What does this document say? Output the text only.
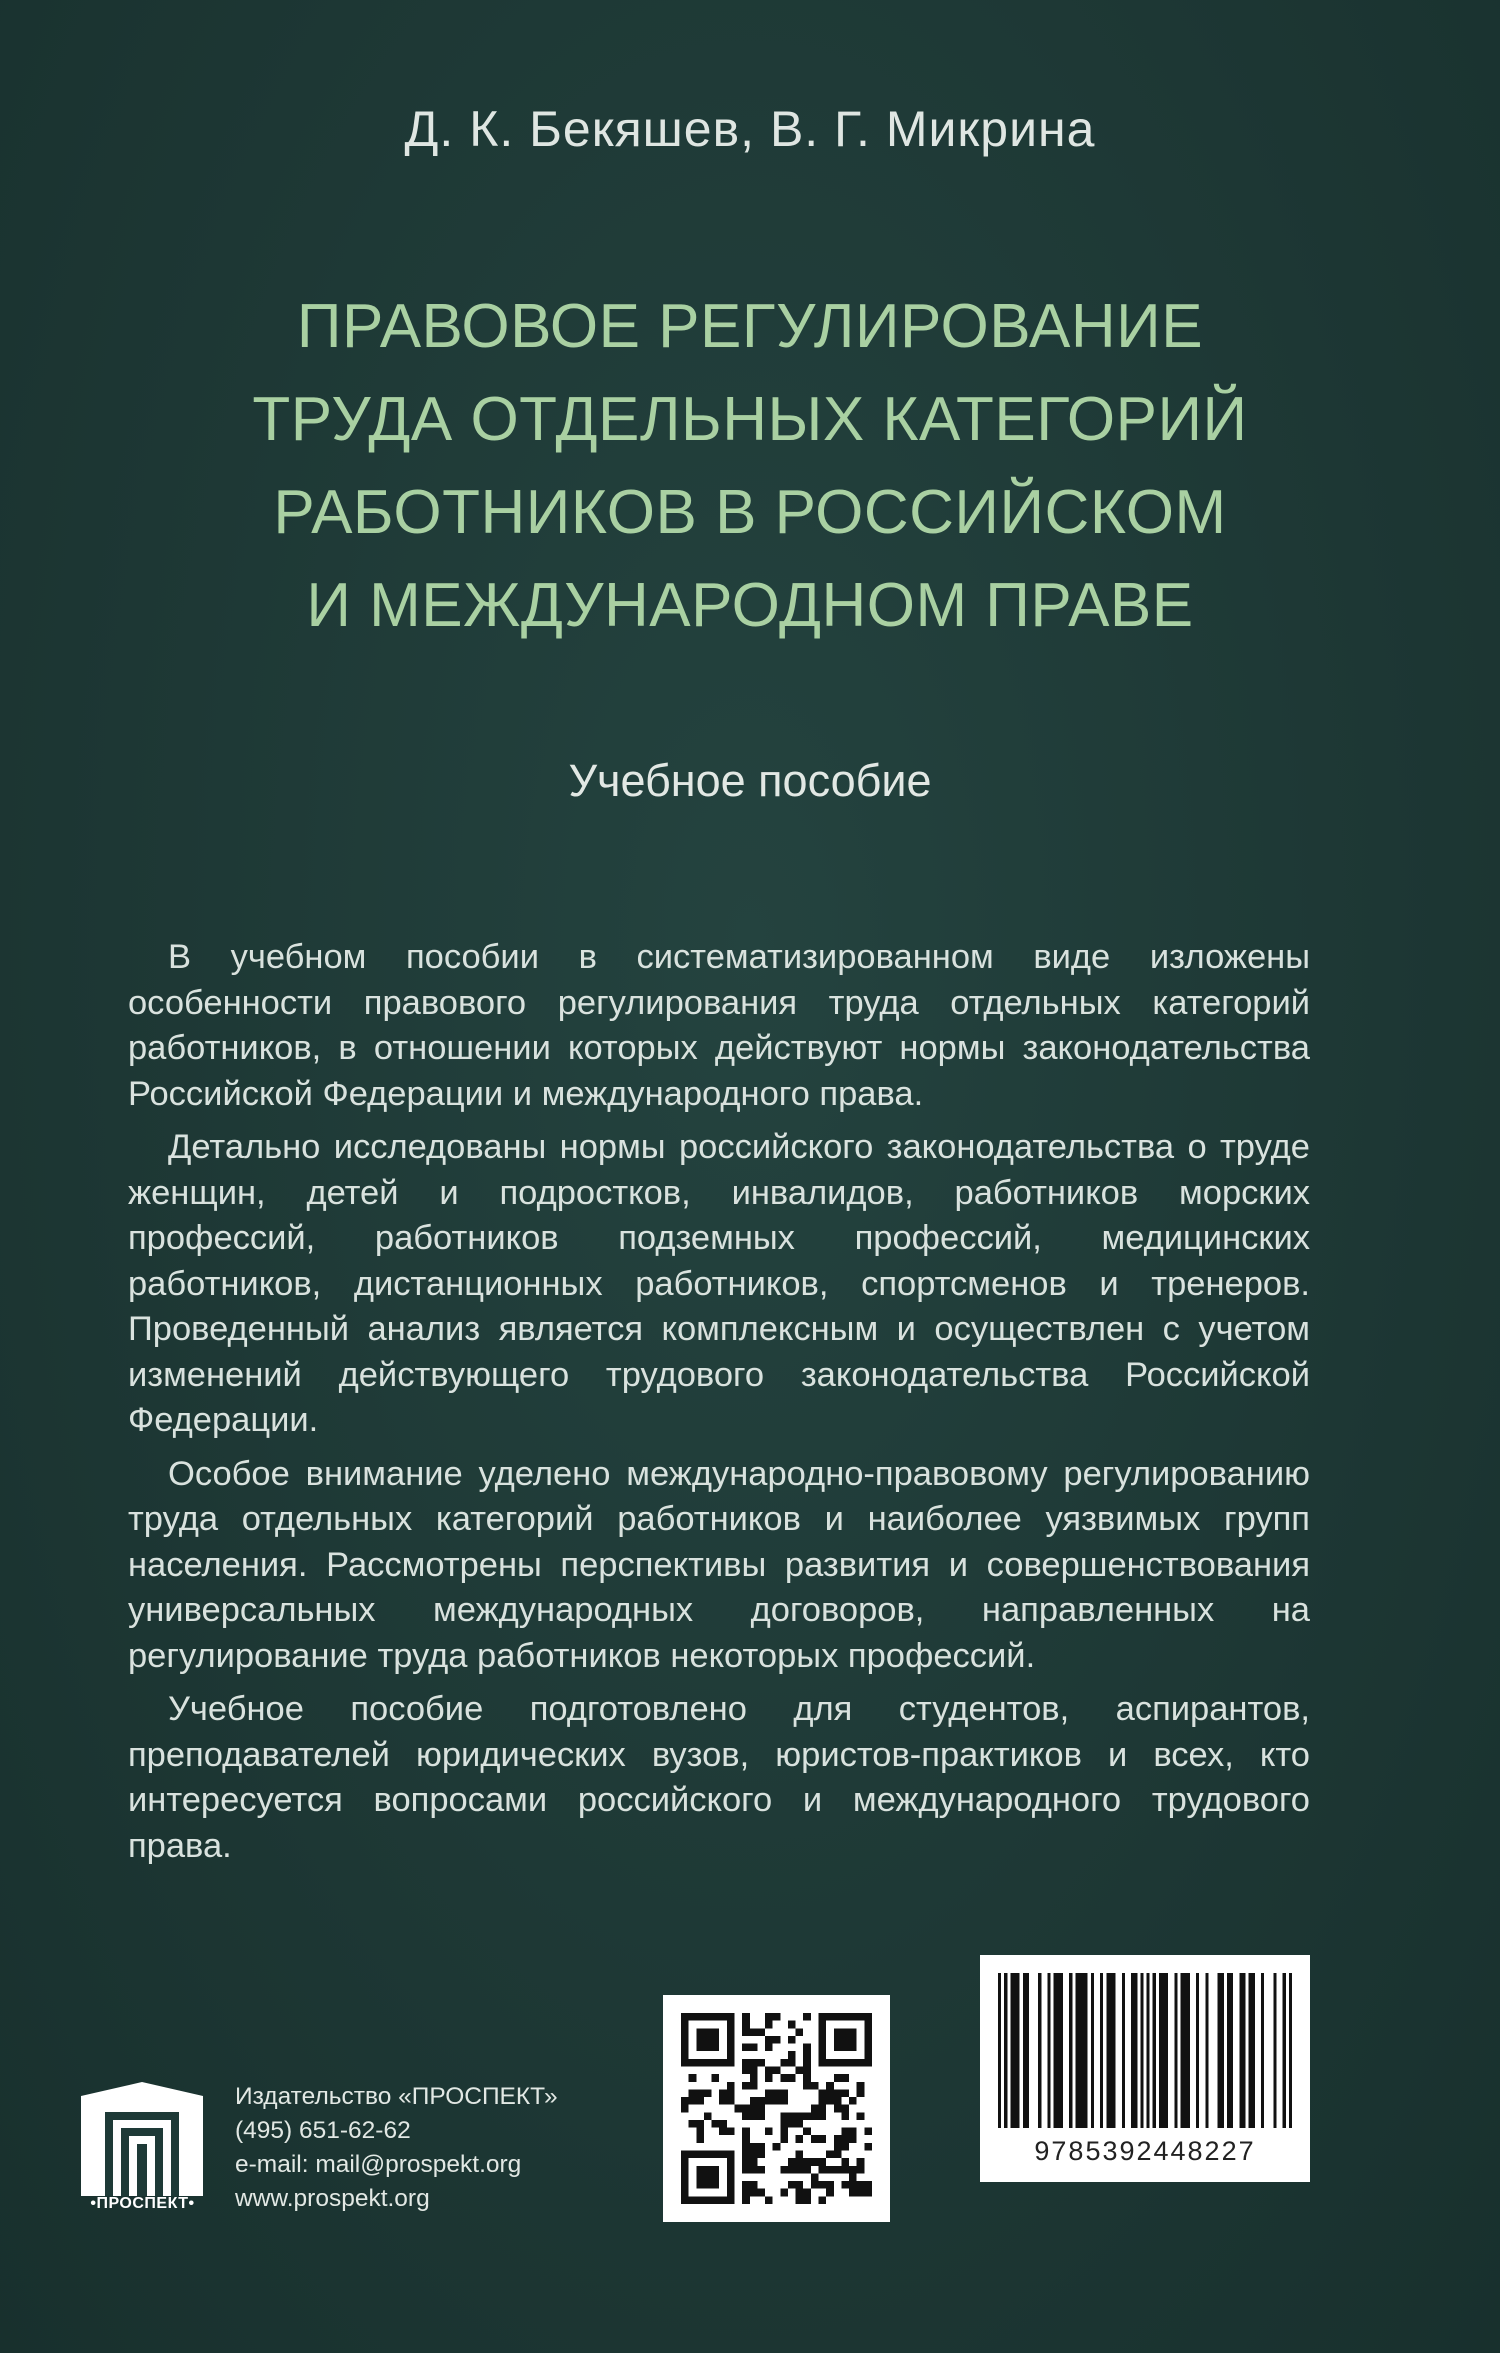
Д. К. Бекяшев, В. Г. Микрина
ПРАВОВОЕ РЕГУЛИРОВАНИЕ
ТРУДА ОТДЕЛЬНЫХ КАТЕГОРИЙ
РАБОТНИКОВ В РОССИЙСКОМ
И МЕЖДУНАРОДНОМ ПРАВЕ
Учебное пособие

В учебном пособии в систематизированном виде изложены особенности правового регулирования труда отдельных категорий работников, в отношении которых действуют нормы законодательства Российской Федерации и международного права.

Детально исследованы нормы российского законодательства о труде женщин, детей и подростков, инвалидов, работников морских профессий, работников подземных профессий, медицинских работников, дистанционных работников, спортсменов и тренеров. Проведенный анализ является комплексным и осуществлен с учетом изменений действующего трудового законодательства Российской Федерации.

Особое внимание уделено международно-правовому регулированию труда отдельных категорий работников и наиболее уязвимых групп населения. Рассмотрены перспективы развития и совершенствования универсальных международных договоров, направленных на регулирование труда работников некоторых профессий.

Учебное пособие подготовлено для студентов, аспирантов, преподавателей юридических вузов, юристов-практиков и всех, кто интересуется вопросами российского и международного трудового права.

•ПРОСПЕКТ•
Издательство «ПРОСПЕКТ»
(495) 651-62-62
e-mail: mail@prospekt.org
www.prospekt.org
9785392448227
